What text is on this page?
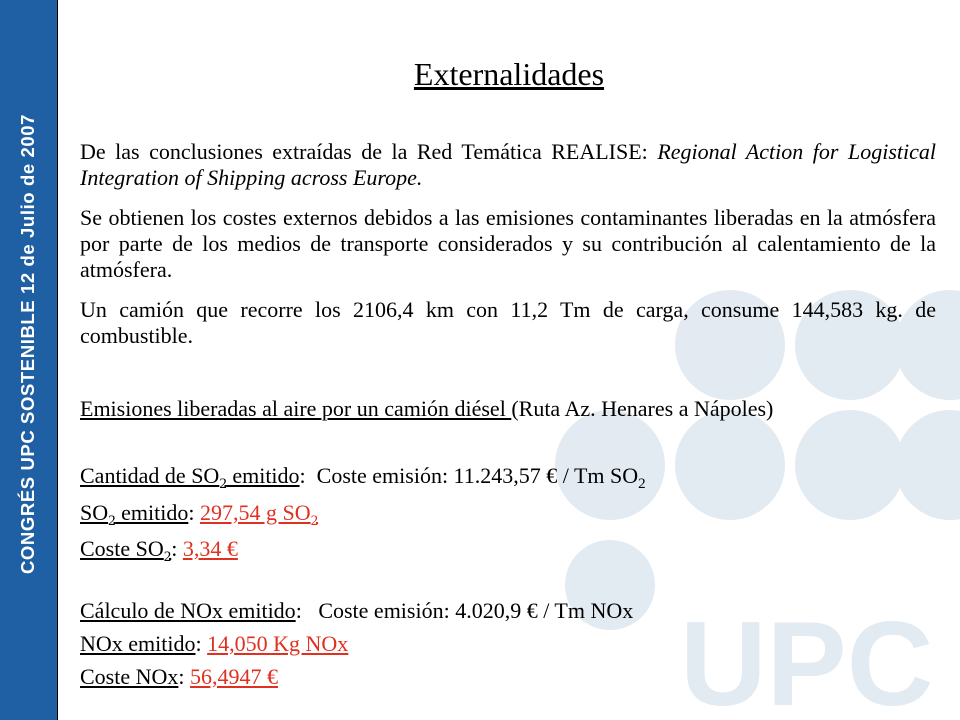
CONGRÉS UPC SOSTENIBLE 12 de Julio de 2007
UPC
Externalidades

De las conclusiones extraídas de la Red Temática REALISE: Regional Action for Logistical Integration of Shipping across Europe.

Se obtienen los costes externos debidos a las emisiones contaminantes liberadas en la atmósfera por parte de los medios de transporte considerados y su contribución al calentamiento de la atmósfera.

Un camión que recorre los 2106,4 km con 11,2 Tm de carga, consume 144,583 kg. de combustible.

Emisiones liberadas al aire por un camión diésel (Ruta Az. Henares a Nápoles)

Cantidad de $SO_2$ emitido:  Coste emisión: 11.243,57 € / Tm $SO_2$

$SO_2$ emitido: 297,54 g $SO_2$

Coste $SO_2$: 3,34 €

Cálculo de NOx emitido:   Coste emisión: 4.020,9 € / Tm NOx

NOx emitido: 14,050 Kg NOx

Coste NOx: 56,4947 €
